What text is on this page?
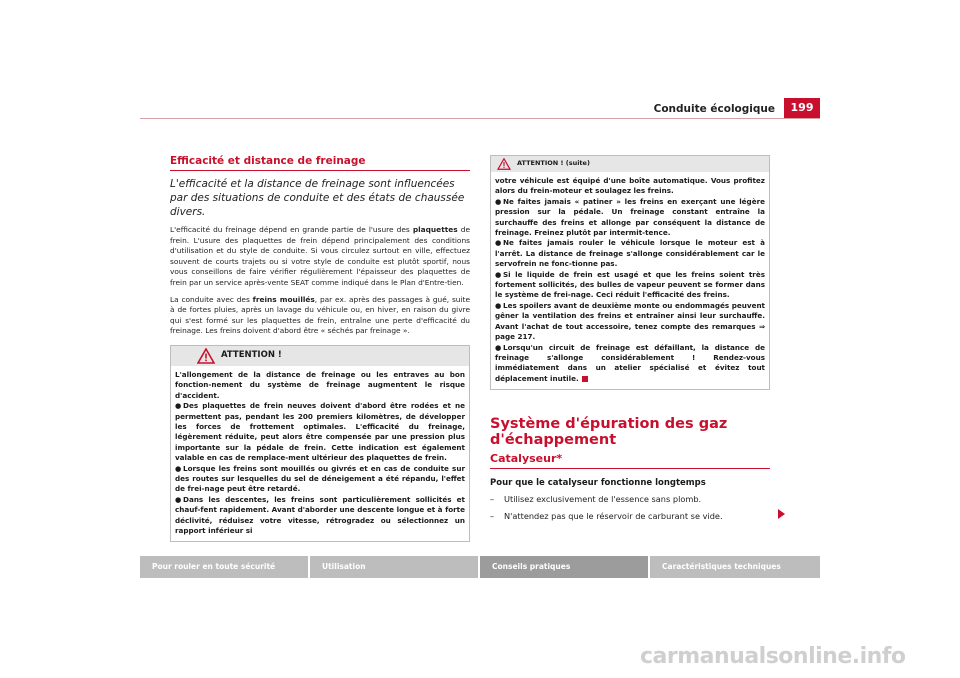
Conduite écologique	199
Efficacité et distance de freinage

L'efficacité et la distance de freinage sont influencées par des situations de conduite et des états de chaussée divers.

L'efficacité du freinage dépend en grande partie de l'usure des plaquettes de frein. L'usure des plaquettes de frein dépend principalement des conditions d'utilisation et du style de conduite. Si vous circulez surtout en ville, effectuez souvent de courts trajets ou si votre style de conduite est plutôt sportif, nous vous conseillons de faire vérifier régulièrement l'épaisseur des plaquettes de frein par un service après-vente SEAT comme indiqué dans le Plan d'Entre-tien.

La conduite avec des freins mouillés, par ex. après des passages à gué, suite à de fortes pluies, après un lavage du véhicule ou, en hiver, en raison du givre qui s'est formé sur les plaquettes de frein, entraîne une perte d'efficacité du freinage. Les freins doivent d'abord être « séchés par freinage ».

ATTENTION !

L'allongement de la distance de freinage ou les entraves au bon fonction-nement du système de freinage augmentent le risque d'accident.

● Des plaquettes de frein neuves doivent d'abord être rodées et ne permettent pas, pendant les 200 premiers kilomètres, de développer les forces de frottement optimales. L'efficacité du freinage, légèrement réduite, peut alors être compensée par une pression plus importante sur la pédale de frein. Cette indication est également valable en cas de remplace-ment ultérieur des plaquettes de frein.

● Lorsque les freins sont mouillés ou givrés et en cas de conduite sur des routes sur lesquelles du sel de déneigement a été répandu, l'effet de frei-nage peut être retardé.

● Dans les descentes, les freins sont particulièrement sollicités et chauf-fent rapidement. Avant d'aborder une descente longue et à forte déclivité, réduisez votre vitesse, rétrogradez ou sélectionnez un rapport inférieur si

ATTENTION ! (suite)

votre véhicule est équipé d'une boîte automatique. Vous profitez alors du frein-moteur et soulagez les freins.

● Ne faites jamais « patiner » les freins en exerçant une légère pression sur la pédale. Un freinage constant entraîne la surchauffe des freins et allonge par conséquent la distance de freinage. Freinez plutôt par intermit-tence.

● Ne faites jamais rouler le véhicule lorsque le moteur est à l'arrêt. La distance de freinage s'allonge considérablement car le servofrein ne fonc-tionne pas.

● Si le liquide de frein est usagé et que les freins soient très fortement sollicités, des bulles de vapeur peuvent se former dans le système de frei-nage. Ceci réduit l'efficacité des freins.

● Les spoilers avant de deuxième monte ou endommagés peuvent gêner la ventilation des freins et entraîner ainsi leur surchauffe. Avant l'achat de tout accessoire, tenez compte des remarques ⇒ page 217.

● Lorsqu'un circuit de freinage est défaillant, la distance de freinage s'allonge considérablement ! Rendez-vous immédiatement dans un atelier spécialisé et évitez tout déplacement inutile.

Système d'épuration des gaz d'échappement
Catalyseur*
Pour que le catalyseur fonctionne longtemps

– Utilisez exclusivement de l'essence sans plomb.

– N'attendez pas que le réservoir de carburant se vide.

Pour rouler en toute sécurité	Utilisation	Conseils pratiques	Caractéristiques techniques
carmanualsonline.info
